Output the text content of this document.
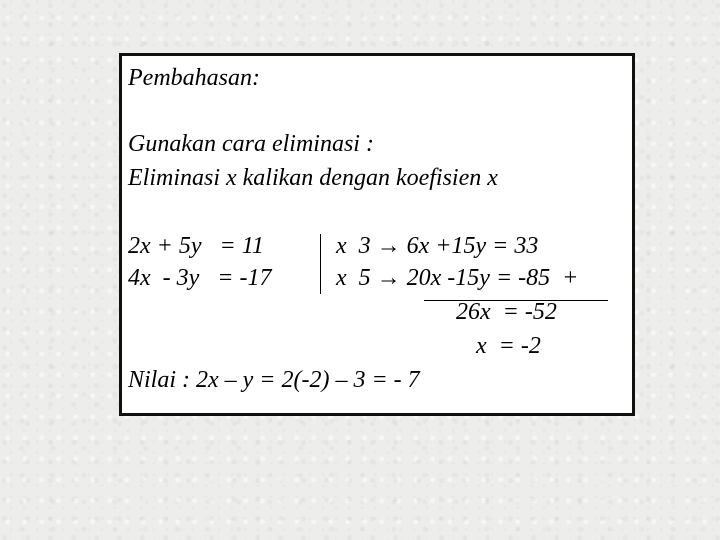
Pembahasan:
Gunakan cara eliminasi :
Eliminasi x kalikan dengan koefisien x
2x + 5y   = 11
4x  - 3y   = -17
x  3 → 6x +15y = 33
x  5 → 20x -15y = -85  +
26x  = -52
x  = -2
Nilai : 2x – y = 2(-2) – 3 = - 7
